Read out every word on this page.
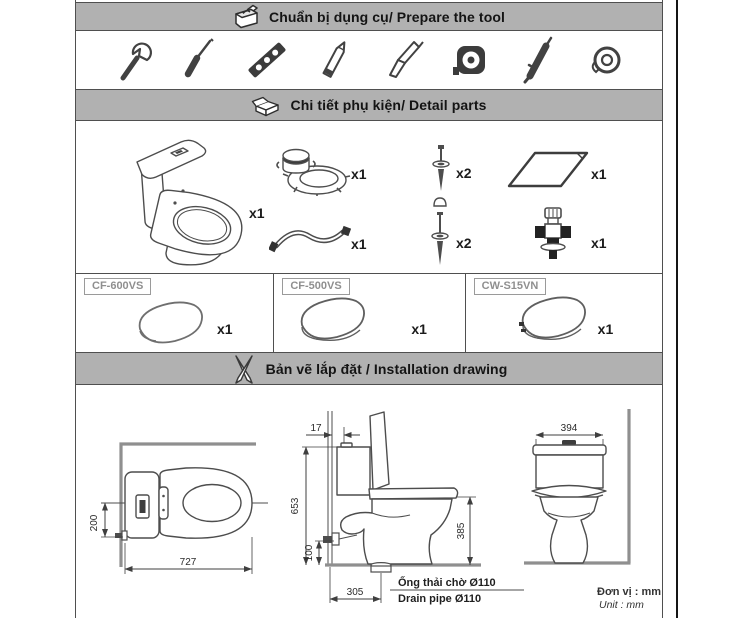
Chuẩn bị dụng cụ/ Prepare the tool
Chi tiết phụ kiện/ Detail parts
x1
x1
x1
x2
x2
x1
x1
CF-600VS
x1
CF-500VS
x1
CW-S15VN
x1
Bản vẽ lắp đặt / Installation drawing
200
727
17
653
100
385
305
Ống thải chờ Ø110
Drain pipe Ø110
394
Đơn vị : mm
Unit : mm
